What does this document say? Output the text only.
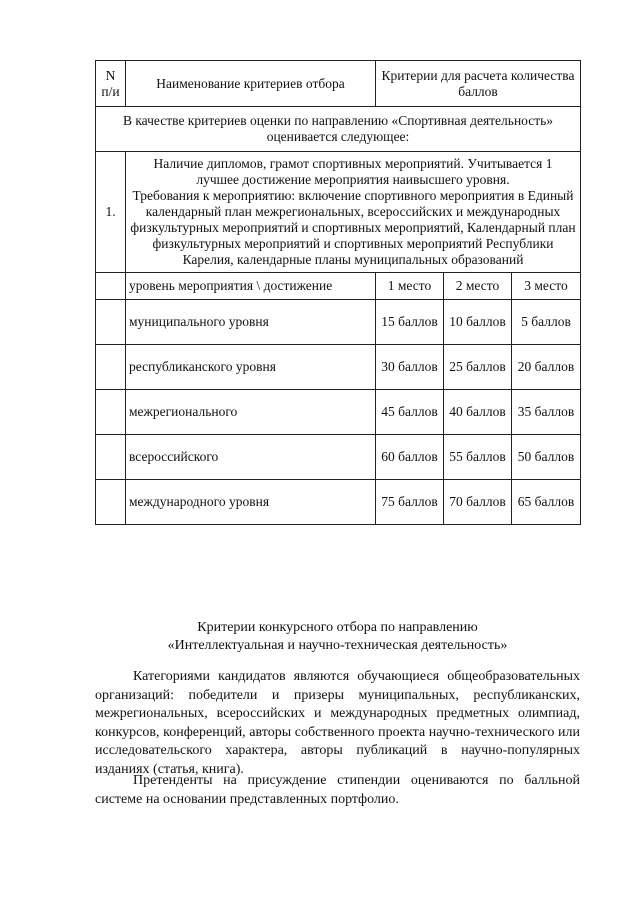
N п/и	Наименование критериев отбора	Критерии для расчета количества баллов		
В качестве критериев оценки по направлению «Спортивная деятельность» оценивается следующее:				
1.	Наличие дипломов, грамот спортивных мероприятий. Учитывается 1 лучшее достижение мероприятия наивысшего уровня.
Требования к мероприятию: включение спортивного мероприятия в Единый календарный план межрегиональных, всероссийских и международных физкультурных мероприятий и спортивных мероприятий, Календарный план физкультурных мероприятий и спортивных мероприятий Республики Карелия, календарные планы муниципальных образований			

	уровень мероприятия \ достижение	1 место	2 место	3 место
	муниципального уровня	15 баллов	10 баллов	5 баллов
	республиканского уровня	30 баллов	25 баллов	20 баллов
	межрегионального	45 баллов	40 баллов	35 баллов
	всероссийского	60 баллов	55 баллов	50 баллов
	международного уровня	75 баллов	70 баллов	65 баллов
Критерии конкурсного отбора по направлению
«Интеллектуальная и научно-техническая деятельность»
Категориями кандидатов являются обучающиеся общеобразовательных организаций: победители и призеры муниципальных, республиканских, межрегиональных, всероссийских и международных предметных олимпиад, конкурсов, конференций, авторы собственного проекта научно-технического или исследовательского характера, авторы публикаций в научно-популярных изданиях (статья, книга).
Претенденты на присуждение стипендии оцениваются по балльной системе на основании представленных портфолио.
